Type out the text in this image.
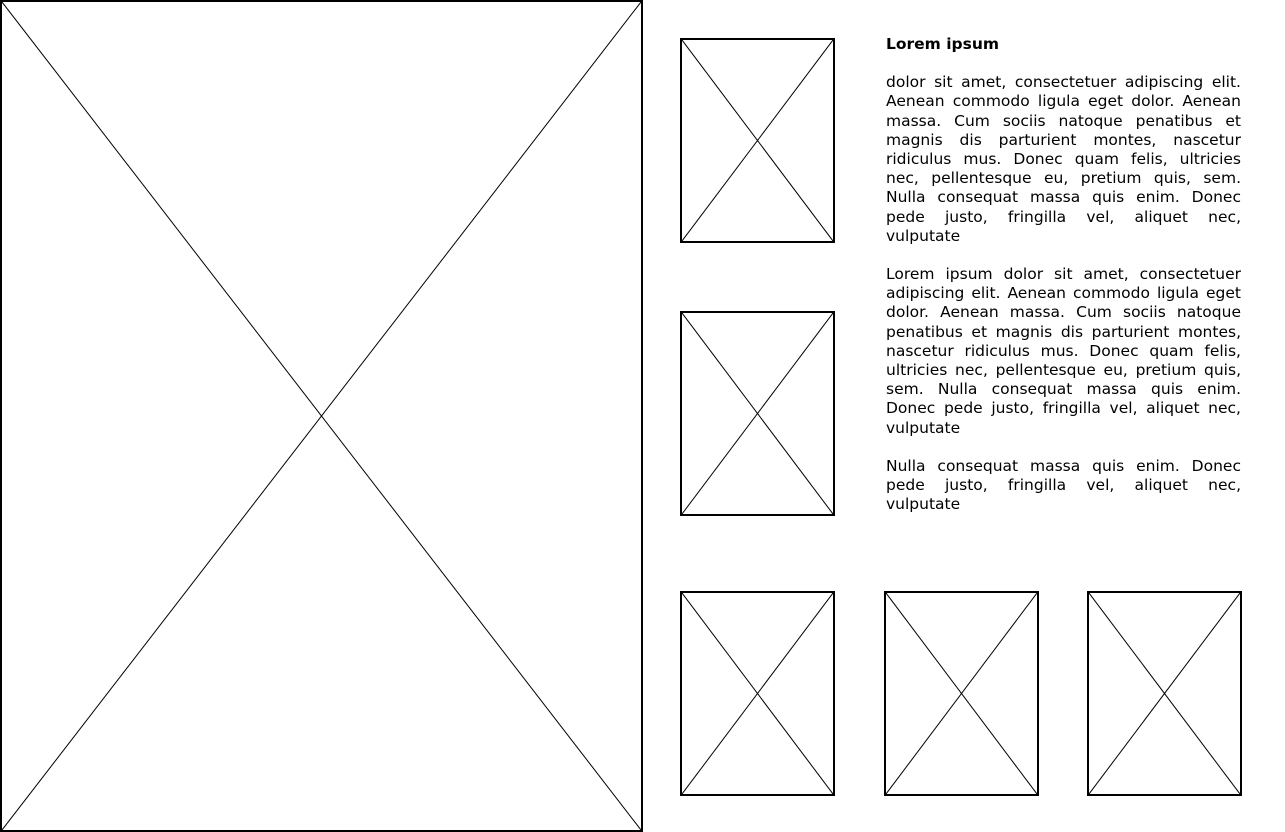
Lorem ipsum

dolor sit amet, consectetuer adipiscing elit. Aenean commodo ligula eget dolor. Aenean massa. Cum sociis natoque penatibus et magnis dis parturient montes, nascetur ridiculus mus. Donec quam felis, ultricies nec, pellentesque eu, pretium quis, sem. Nulla consequat massa quis enim. Donec pede justo, fringilla vel, aliquet nec, vulputate

Lorem ipsum dolor sit amet, consectetuer adipiscing elit. Aenean commodo ligula eget dolor. Aenean massa. Cum sociis natoque penatibus et magnis dis parturient montes, nascetur ridiculus mus. Donec quam felis, ultricies nec, pellentesque eu, pretium quis, sem. Nulla consequat massa quis enim. Donec pede justo, fringilla vel, aliquet nec, vulputate

Nulla consequat massa quis enim. Donec pede justo, fringilla vel, aliquet nec, vulputate
